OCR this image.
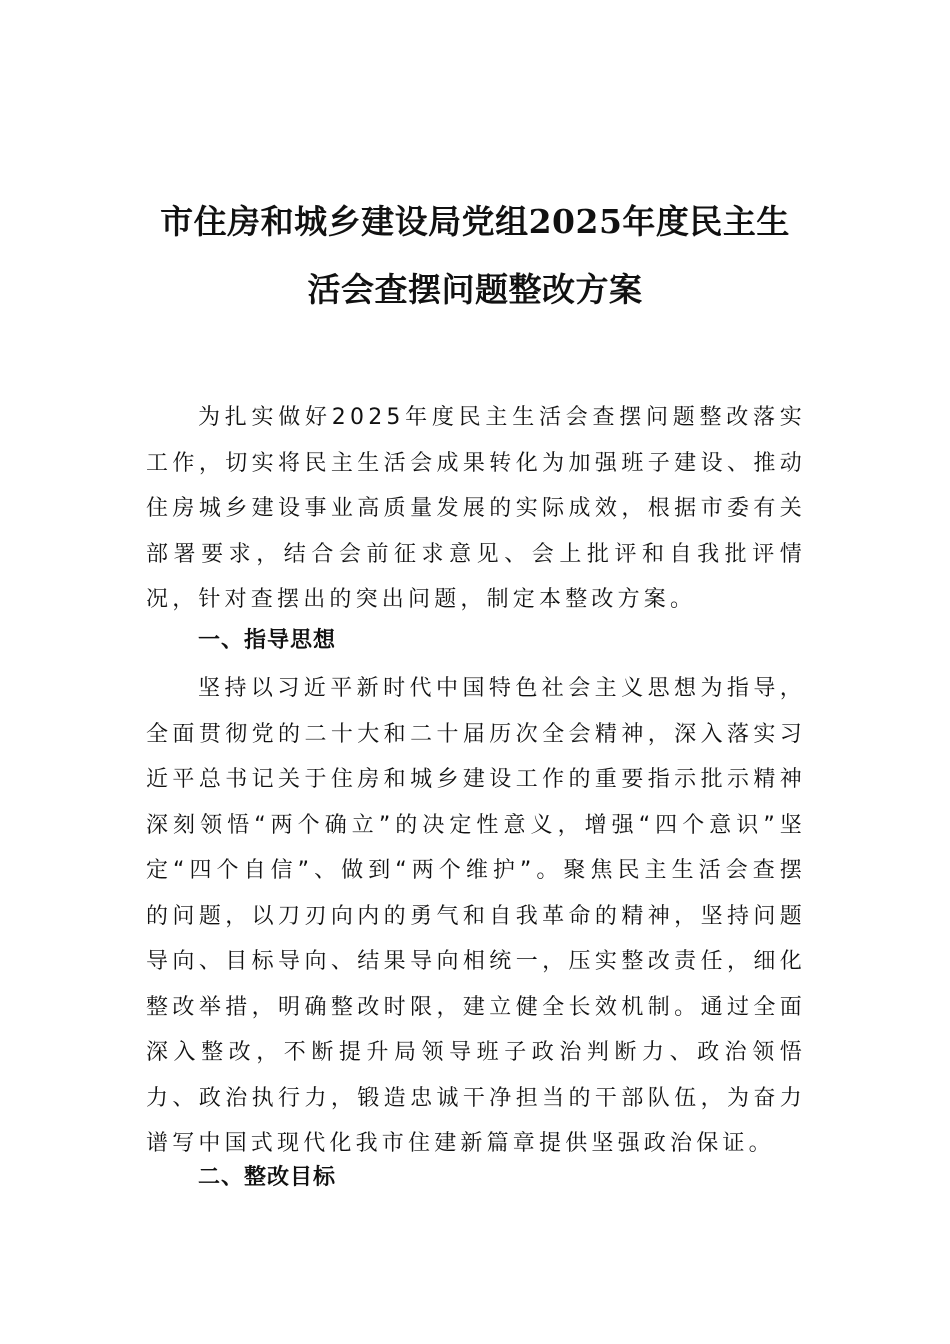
市住房和城乡建设局党组2025年度民主生
活会查摆问题整改方案

为扎实做好2025年度民主生活会查摆问题整改落实工作，切实将民主生活会成果转化为加强班子建设、推动住房城乡建设事业高质量发展的实际成效，根据市委有关部署要求，结合会前征求意见、会上批评和自我批评情况，针对查摆出的突出问题，制定本整改方案。

一、指导思想

坚持以习近平新时代中国特色社会主义思想为指导，全面贯彻党的二十大和二十届历次全会精神，深入落实习近平总书记关于住房和城乡建设工作的重要指示批示精神深刻领悟“两个确立”的决定性意义，增强“四个意识”坚定“四个自信”、做到“两个维护”。聚焦民主生活会查摆的问题，以刀刃向内的勇气和自我革命的精神，坚持问题导向、目标导向、结果导向相统一，压实整改责任，细化整改举措，明确整改时限，建立健全长效机制。通过全面深入整改，不断提升局领导班子政治判断力、政治领悟力、政治执行力，锻造忠诚干净担当的干部队伍，为奋力谱写中国式现代化我市住建新篇章提供坚强政治保证。

二、整改目标
